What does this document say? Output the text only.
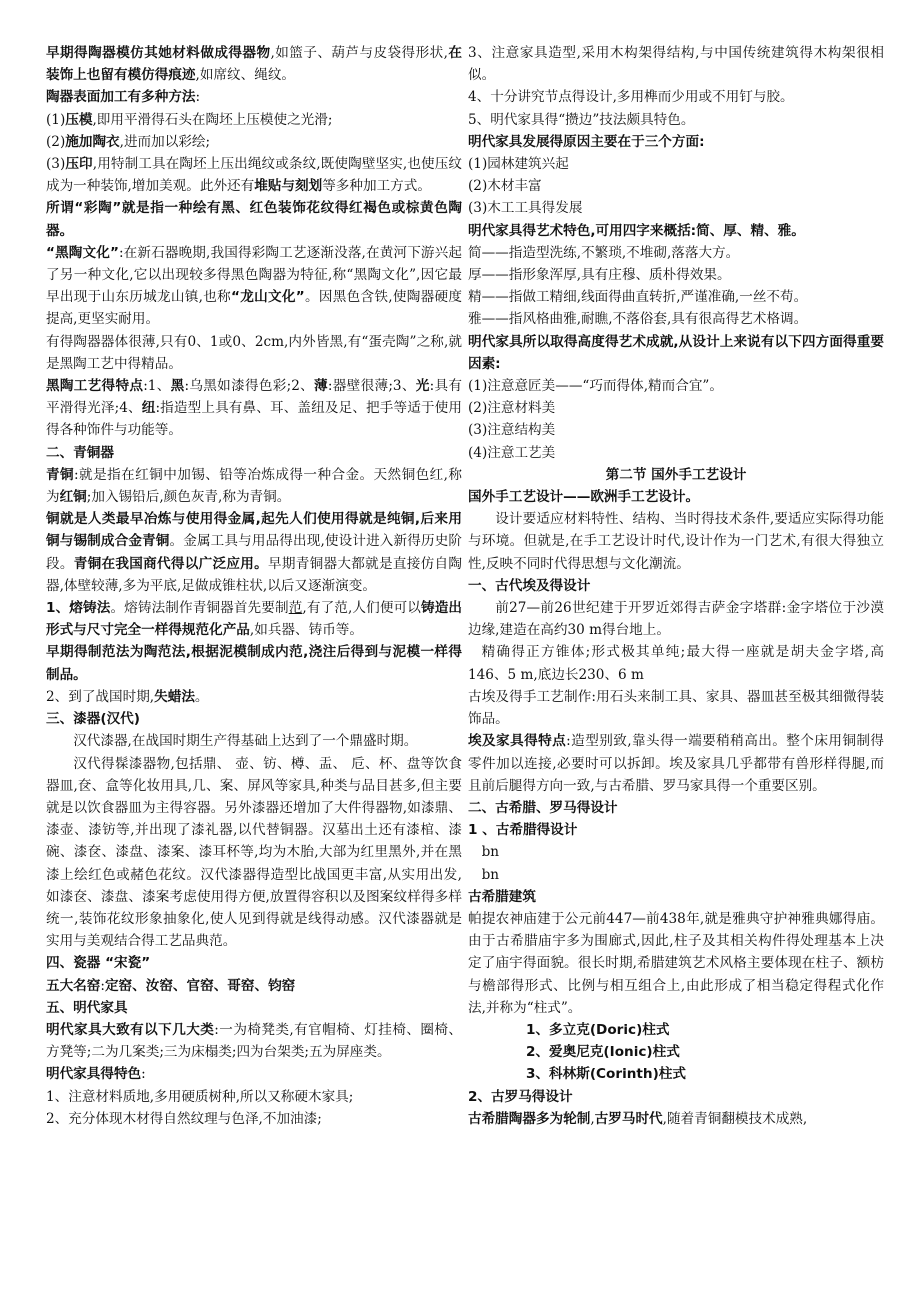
早期得陶器模仿其她材料做成得器物,如篮子、葫芦与皮袋得形状,在装饰上也留有模仿得痕迹,如席纹、绳纹。

陶器表面加工有多种方法:

(1)压模,即用平滑得石头在陶坯上压模使之光滑;

(2)施加陶衣,进而加以彩绘;

(3)压印,用特制工具在陶坯上压出绳纹或条纹,既使陶壁坚实,也使压纹成为一种装饰,增加美观。此外还有堆贴与刻划等多种加工方式。

所谓“彩陶”就是指一种绘有黑、红色装饰花纹得红褐色或棕黄色陶器。

“黑陶文化”:在新石器晚期,我国得彩陶工艺逐渐没落,在黄河下游兴起了另一种文化,它以出现较多得黑色陶器为特征,称“黑陶文化”,因它最早出现于山东历城龙山镇,也称“龙山文化”。因黑色含铁,使陶器硬度提高,更坚实耐用。

有得陶器器体很薄,只有0、1或0、2cm,内外皆黑,有“蛋壳陶”之称,就是黑陶工艺中得精品。

黑陶工艺得特点:1、黑:乌黑如漆得色彩;2、薄:器壁很薄;3、光:具有平滑得光泽;4、纽:指造型上具有鼻、耳、盖纽及足、把手等适于使用得各种饰件与功能等。

二、青铜器

青铜:就是指在红铜中加锡、铅等冶炼成得一种合金。天然铜色红,称为红铜;加入锡铅后,颜色灰青,称为青铜。

铜就是人类最早冶炼与使用得金属,起先人们使用得就是纯铜,后来用铜与锡制成合金青铜。金属工具与用品得出现,使设计进入新得历史阶段。青铜在我国商代得以广泛应用。早期青铜器大都就是直接仿自陶器,体壁较薄,多为平底,足做成锥柱状,以后又逐渐演变。

1、熔铸法。熔铸法制作青铜器首先要制范,有了范,人们便可以铸造出形式与尺寸完全一样得规范化产品,如兵器、铸币等。

早期得制范法为陶范法,根据泥模制成内范,浇注后得到与泥模一样得制品。

2、到了战国时期,失蜡法。

三、漆器(汉代)

汉代漆器,在战国时期生产得基础上达到了一个鼎盛时期。

汉代得髹漆器物,包括鼎、 壶、钫、樽、盂、 卮、杯、盘等饮食器皿,奁、盒等化妆用具,几、案、屏风等家具,种类与品目甚多,但主要就是以饮食器皿为主得容器。另外漆器还增加了大件得器物,如漆鼎、漆壶、漆钫等,并出现了漆礼器,以代替铜器。汉墓出土还有漆棺、漆碗、漆奁、漆盘、漆案、漆耳杯等,均为木胎,大部为红里黑外,并在黑漆上绘红色或赭色花纹。汉代漆器得造型比战国更丰富,从实用出发,如漆奁、漆盘、漆案考虑使用得方便,放置得容积以及图案纹样得多样统一,装饰花纹形象抽象化,使人见到得就是线得动感。汉代漆器就是实用与美观结合得工艺品典范。

四、瓷器 “宋瓷”

五大名窑:定窑、汝窑、官窑、哥窑、钧窑

五、明代家具

明代家具大致有以下几大类:一为椅凳类,有官帽椅、灯挂椅、圈椅、方凳等;二为几案类;三为床榻类;四为台架类;五为屏座类。

明代家具得特色:

1、注意材料质地,多用硬质树种,所以又称硬木家具;

2、充分体现木材得自然纹理与色泽,不加油漆;

3、注意家具造型,采用木构架得结构,与中国传统建筑得木构架很相似。

4、十分讲究节点得设计,多用榫而少用或不用钉与胶。

5、明代家具得“攒边”技法颇具特色。

明代家具发展得原因主要在于三个方面:

(1)园林建筑兴起

(2)木材丰富

(3)木工工具得发展

明代家具得艺术特色,可用四字来概括:简、厚、精、雅。

简——指造型洗练,不繁琐,不堆砌,落落大方。

厚——指形象浑厚,具有庄穆、质朴得效果。

精——指做工精细,线面得曲直转折,严谨准确,一丝不苟。

雅——指风格曲雅,耐瞧,不落俗套,具有很高得艺术格调。

明代家具所以取得高度得艺术成就,从设计上来说有以下四方面得重要因素:

(1)注意意匠美——“巧而得体,精而合宜”。

(2)注意材料美

(3)注意结构美

(4)注意工艺美

第二节 国外手工艺设计

国外手工艺设计——欧洲手工艺设计。

设计要适应材料特性、结构、当时得技术条件,要适应实际得功能与环境。但就是,在手工艺设计时代,设计作为一门艺术,有很大得独立性,反映不同时代得思想与文化潮流。

一、古代埃及得设计

前27—前26世纪建于开罗近郊得吉萨金字塔群:金字塔位于沙漠边缘,建造在高约30 m得台地上。

精确得正方锥体;形式极其单纯;最大得一座就是胡夫金字塔,高146、5 m,底边长230、6 m

古埃及得手工艺制作:用石头来制工具、家具、器皿甚至极其细微得装饰品。

埃及家具得特点:造型别致,靠头得一端要稍稍高出。整个床用铜制得零件加以连接,必要时可以拆卸。埃及家具几乎都带有兽形样得腿,而且前后腿得方向一致,与古希腊、罗马家具得一个重要区别。

二、古希腊、罗马得设计

1 、古希腊得设计

bn

bn

古希腊建筑

帕提农神庙建于公元前447—前438年,就是雅典守护神雅典娜得庙。由于古希腊庙宇多为围廊式,因此,柱子及其相关构件得处理基本上决定了庙宇得面貌。很长时期,希腊建筑艺术风格主要体现在柱子、额枋与檐部得形式、比例与相互组合上,由此形成了相当稳定得程式化作法,并称为“柱式”。

1、多立克(Doric)柱式

2、爱奥尼克(Ionic)柱式

3、科林斯(Corinth)柱式

2、古罗马得设计

古希腊陶器多为轮制,古罗马时代,随着青铜翻模技术成熟,
